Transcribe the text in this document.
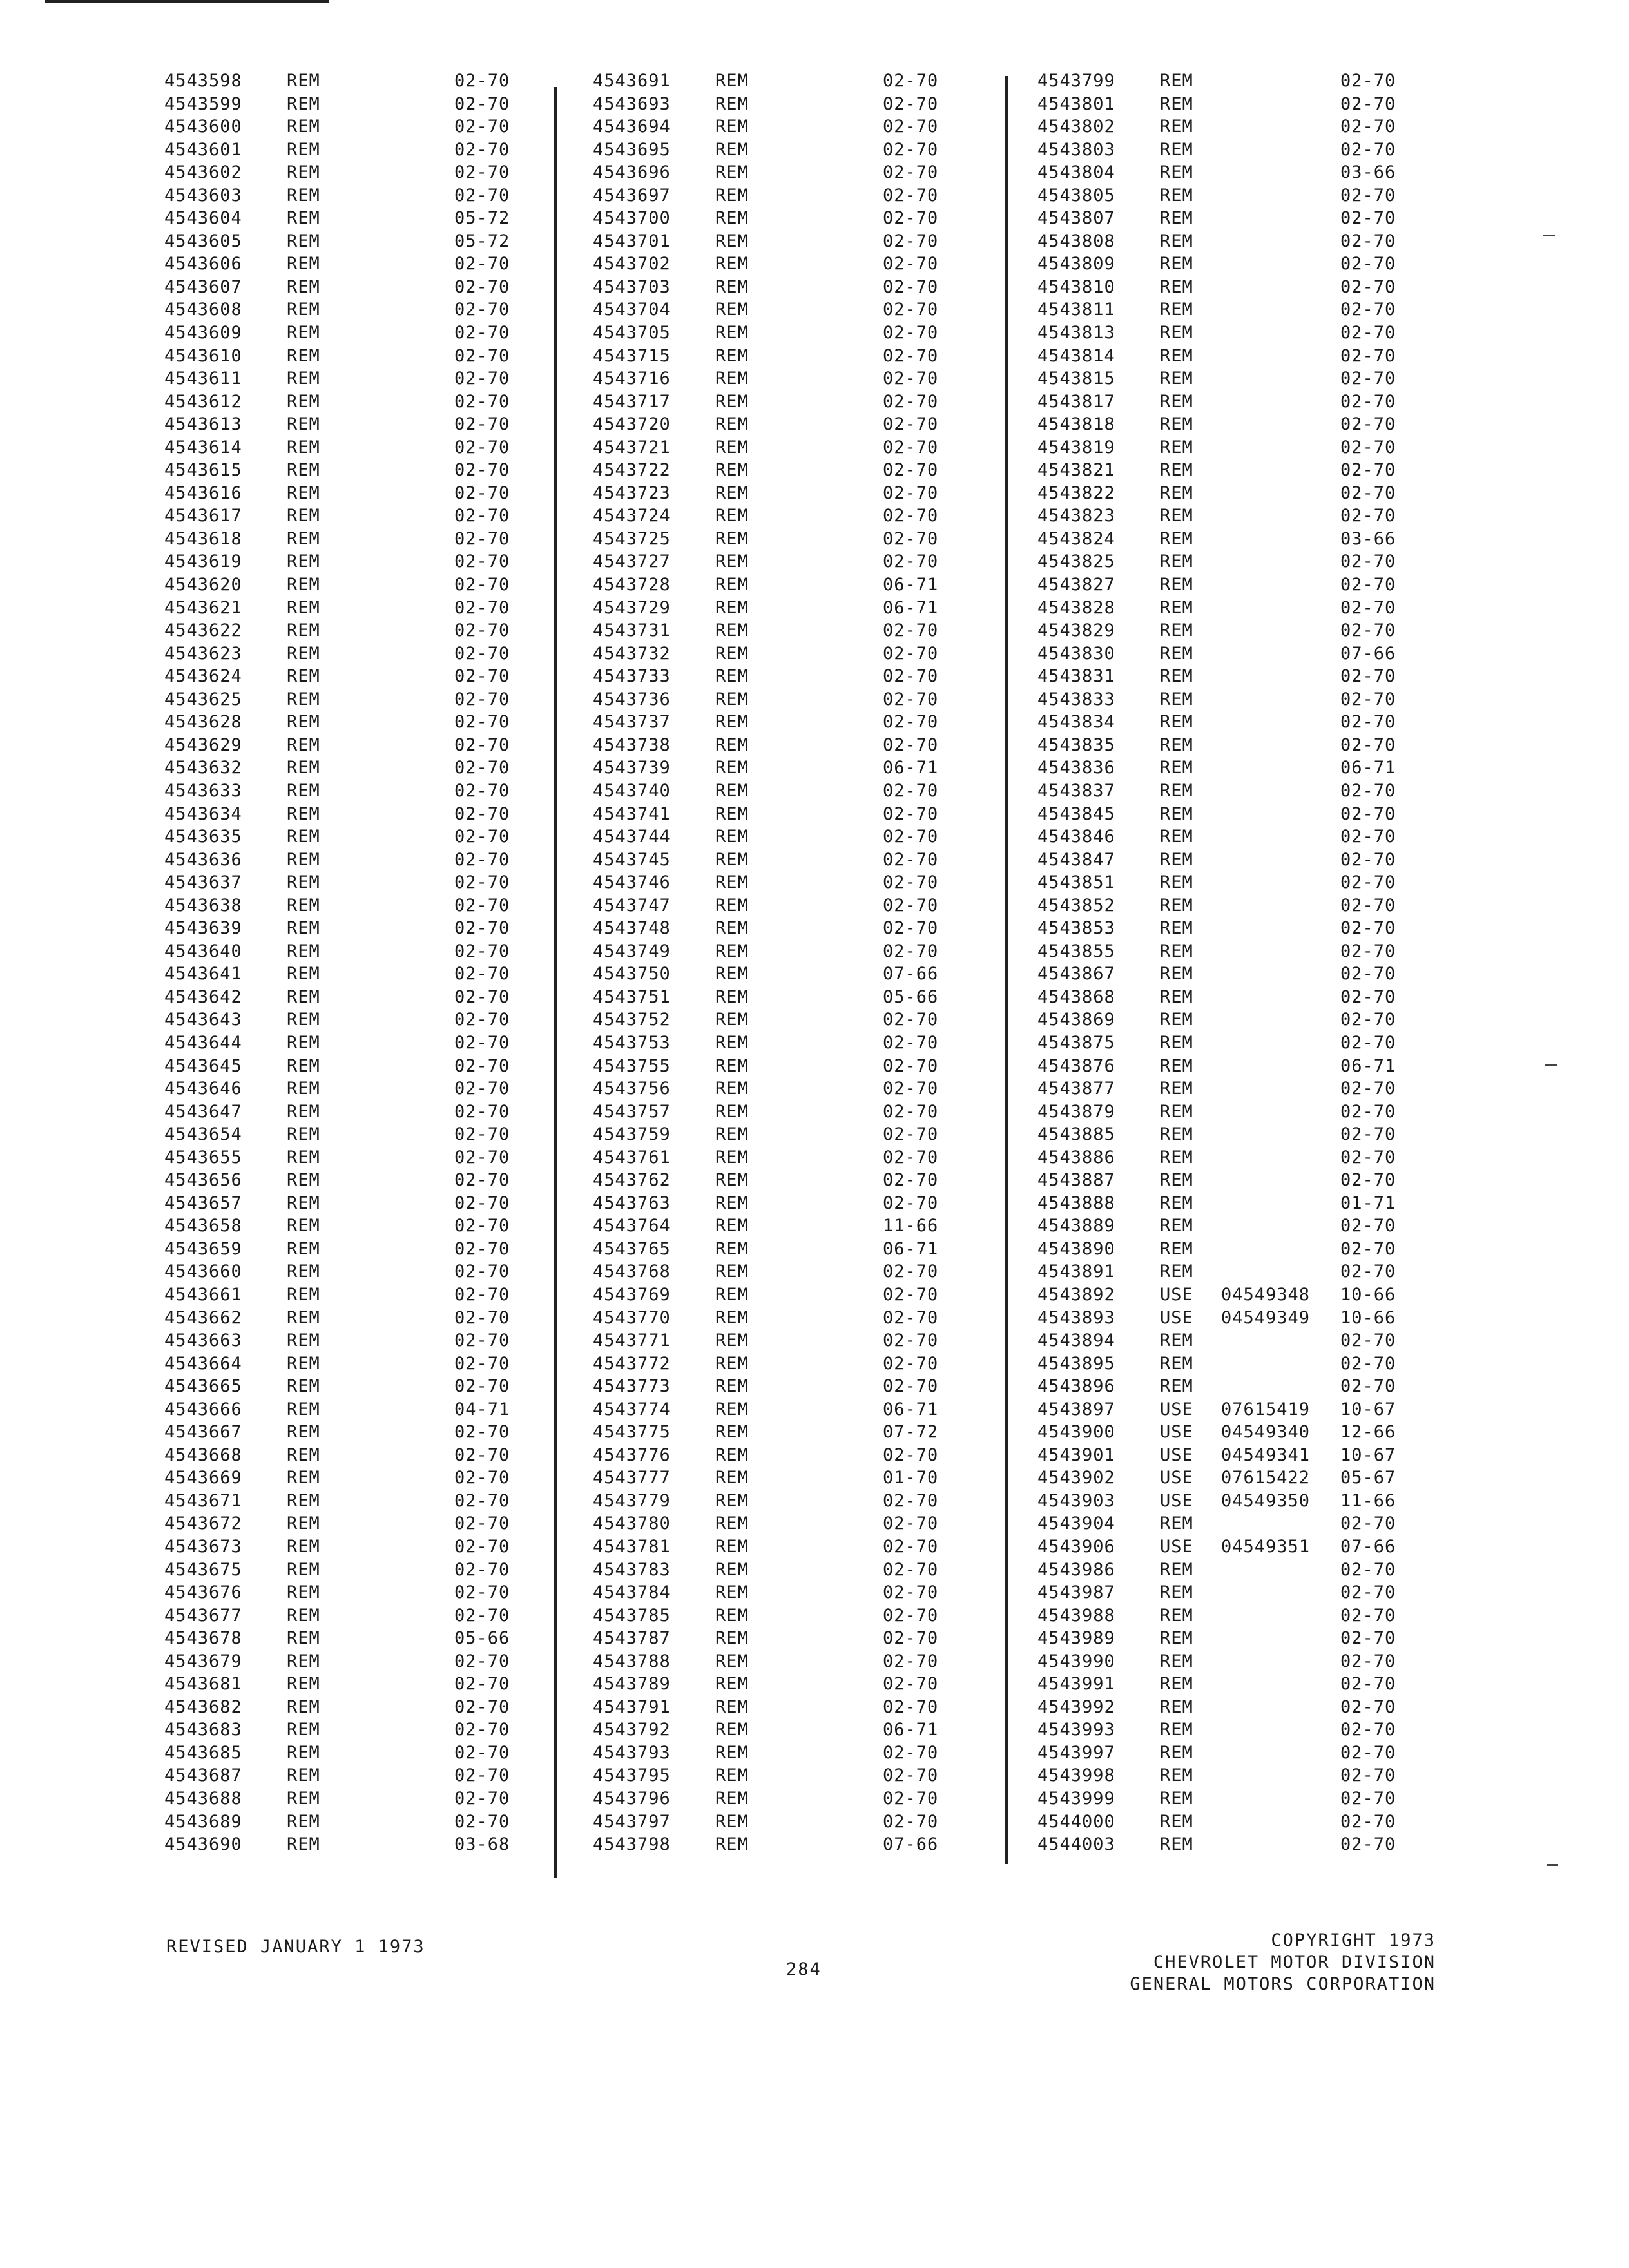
4543598	REM	02-70
4543599	REM	02-70
4543600	REM	02-70
4543601	REM	02-70
4543602	REM	02-70
4543603	REM	02-70
4543604	REM	05-72
4543605	REM	05-72
4543606	REM	02-70
4543607	REM	02-70
4543608	REM	02-70
4543609	REM	02-70
4543610	REM	02-70
4543611	REM	02-70
4543612	REM	02-70
4543613	REM	02-70
4543614	REM	02-70
4543615	REM	02-70
4543616	REM	02-70
4543617	REM	02-70
4543618	REM	02-70
4543619	REM	02-70
4543620	REM	02-70
4543621	REM	02-70
4543622	REM	02-70
4543623	REM	02-70
4543624	REM	02-70
4543625	REM	02-70
4543628	REM	02-70
4543629	REM	02-70
4543632	REM	02-70
4543633	REM	02-70
4543634	REM	02-70
4543635	REM	02-70
4543636	REM	02-70
4543637	REM	02-70
4543638	REM	02-70
4543639	REM	02-70
4543640	REM	02-70
4543641	REM	02-70
4543642	REM	02-70
4543643	REM	02-70
4543644	REM	02-70
4543645	REM	02-70
4543646	REM	02-70
4543647	REM	02-70
4543654	REM	02-70
4543655	REM	02-70
4543656	REM	02-70
4543657	REM	02-70
4543658	REM	02-70
4543659	REM	02-70
4543660	REM	02-70
4543661	REM	02-70
4543662	REM	02-70
4543663	REM	02-70
4543664	REM	02-70
4543665	REM	02-70
4543666	REM	04-71
4543667	REM	02-70
4543668	REM	02-70
4543669	REM	02-70
4543671	REM	02-70
4543672	REM	02-70
4543673	REM	02-70
4543675	REM	02-70
4543676	REM	02-70
4543677	REM	02-70
4543678	REM	05-66
4543679	REM	02-70
4543681	REM	02-70
4543682	REM	02-70
4543683	REM	02-70
4543685	REM	02-70
4543687	REM	02-70
4543688	REM	02-70
4543689	REM	02-70
4543690	REM	03-68
4543691	REM	02-70
4543693	REM	02-70
4543694	REM	02-70
4543695	REM	02-70
4543696	REM	02-70
4543697	REM	02-70
4543700	REM	02-70
4543701	REM	02-70
4543702	REM	02-70
4543703	REM	02-70
4543704	REM	02-70
4543705	REM	02-70
4543715	REM	02-70
4543716	REM	02-70
4543717	REM	02-70
4543720	REM	02-70
4543721	REM	02-70
4543722	REM	02-70
4543723	REM	02-70
4543724	REM	02-70
4543725	REM	02-70
4543727	REM	02-70
4543728	REM	06-71
4543729	REM	06-71
4543731	REM	02-70
4543732	REM	02-70
4543733	REM	02-70
4543736	REM	02-70
4543737	REM	02-70
4543738	REM	02-70
4543739	REM	06-71
4543740	REM	02-70
4543741	REM	02-70
4543744	REM	02-70
4543745	REM	02-70
4543746	REM	02-70
4543747	REM	02-70
4543748	REM	02-70
4543749	REM	02-70
4543750	REM	07-66
4543751	REM	05-66
4543752	REM	02-70
4543753	REM	02-70
4543755	REM	02-70
4543756	REM	02-70
4543757	REM	02-70
4543759	REM	02-70
4543761	REM	02-70
4543762	REM	02-70
4543763	REM	02-70
4543764	REM	11-66
4543765	REM	06-71
4543768	REM	02-70
4543769	REM	02-70
4543770	REM	02-70
4543771	REM	02-70
4543772	REM	02-70
4543773	REM	02-70
4543774	REM	06-71
4543775	REM	07-72
4543776	REM	02-70
4543777	REM	01-70
4543779	REM	02-70
4543780	REM	02-70
4543781	REM	02-70
4543783	REM	02-70
4543784	REM	02-70
4543785	REM	02-70
4543787	REM	02-70
4543788	REM	02-70
4543789	REM	02-70
4543791	REM	02-70
4543792	REM	06-71
4543793	REM	02-70
4543795	REM	02-70
4543796	REM	02-70
4543797	REM	02-70
4543798	REM	07-66
4543799	REM	02-70
4543801	REM	02-70
4543802	REM	02-70
4543803	REM	02-70
4543804	REM	03-66
4543805	REM	02-70
4543807	REM	02-70
4543808	REM	02-70
4543809	REM	02-70
4543810	REM	02-70
4543811	REM	02-70
4543813	REM	02-70
4543814	REM	02-70
4543815	REM	02-70
4543817	REM	02-70
4543818	REM	02-70
4543819	REM	02-70
4543821	REM	02-70
4543822	REM	02-70
4543823	REM	02-70
4543824	REM	03-66
4543825	REM	02-70
4543827	REM	02-70
4543828	REM	02-70
4543829	REM	02-70
4543830	REM	07-66
4543831	REM	02-70
4543833	REM	02-70
4543834	REM	02-70
4543835	REM	02-70
4543836	REM	06-71
4543837	REM	02-70
4543845	REM	02-70
4543846	REM	02-70
4543847	REM	02-70
4543851	REM	02-70
4543852	REM	02-70
4543853	REM	02-70
4543855	REM	02-70
4543867	REM	02-70
4543868	REM	02-70
4543869	REM	02-70
4543875	REM	02-70
4543876	REM	06-71
4543877	REM	02-70
4543879	REM	02-70
4543885	REM	02-70
4543886	REM	02-70
4543887	REM	02-70
4543888	REM	01-71
4543889	REM	02-70
4543890	REM	02-70
4543891	REM	02-70
4543892	USE 04549348 10-66
4543893	USE 04549349 10-66
4543894	REM	02-70
4543895	REM	02-70
4543896	REM	02-70
4543897	USE 07615419 10-67
4543900	USE 04549340 12-66
4543901	USE 04549341 10-67
4543902	USE 07615422 05-67
4543903	USE 04549350 11-66
4543904	REM	02-70
4543906	USE 04549351 07-66
4543986	REM	02-70
4543987	REM	02-70
4543988	REM	02-70
4543989	REM	02-70
4543990	REM	02-70
4543991	REM	02-70
4543992	REM	02-70
4543993	REM	02-70
4543997	REM	02-70
4543998	REM	02-70
4543999	REM	02-70
4544000	REM	02-70
4544003	REM	02-70
REVISED JANUARY 1 1973
284
COPYRIGHT 1973
CHEVROLET MOTOR DIVISION
GENERAL MOTORS CORPORATION
